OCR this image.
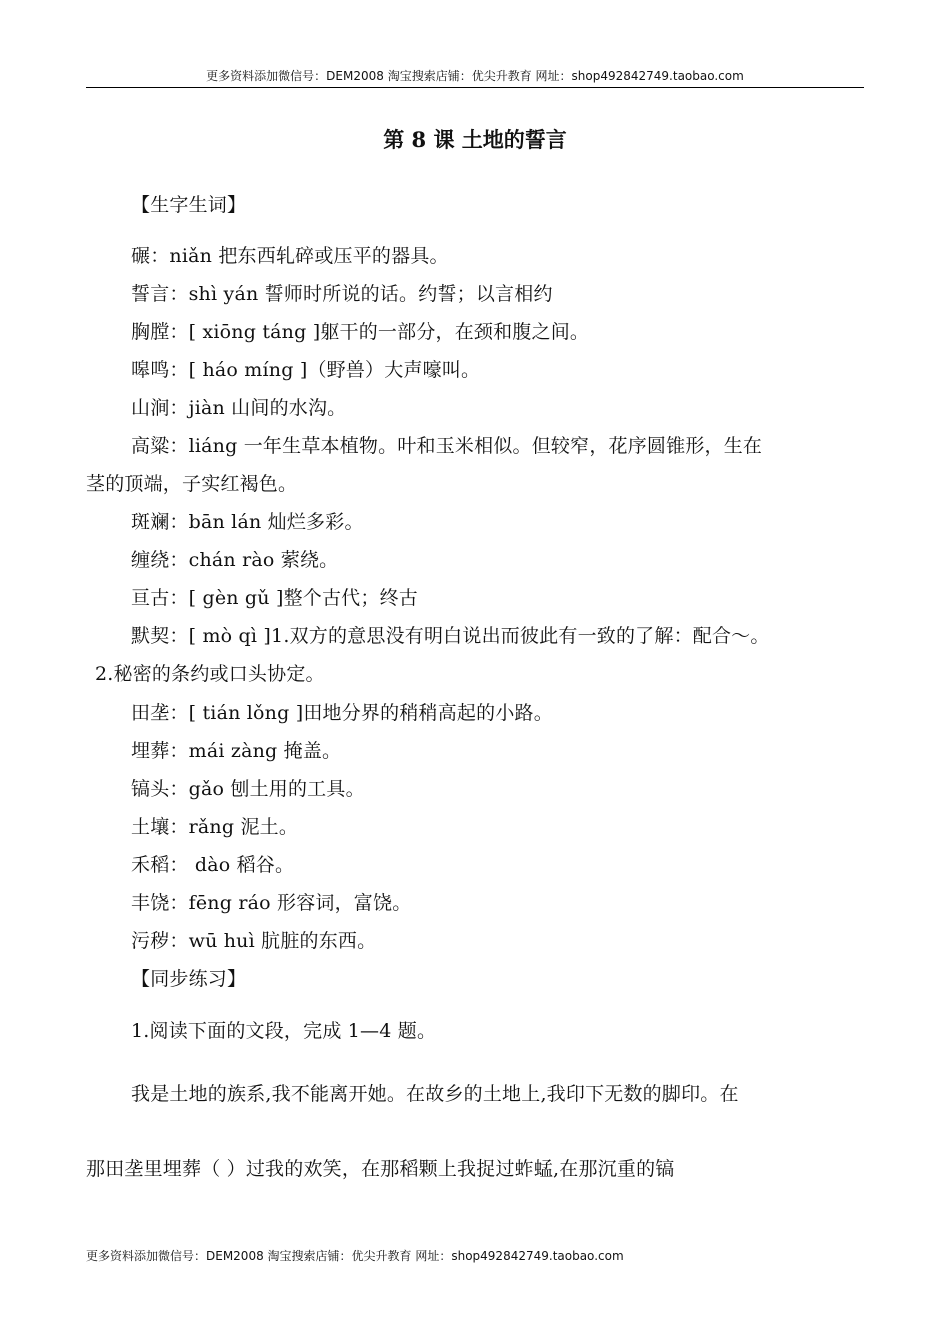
更多资料添加微信号：DEM2008 淘宝搜索店铺：优尖升教育 网址：shop492842749.taobao.com
第 8 课 土地的誓言
【生字生词】
碾：niǎn 把东西轧碎或压平的器具。
誓言：shì yán 誓师时所说的话。约誓；以言相约
胸膛：[ xiōng táng ]躯干的一部分，在颈和腹之间。
嗥鸣：[ háo míng ]（野兽）大声嚎叫。
山涧：jiàn 山间的水沟。
高粱：liáng 一年生草本植物。叶和玉米相似。但较窄，花序圆锥形，生在
茎的顶端，子实红褐色。
斑斓：bān lán 灿烂多彩。
缠绕：chán rào 萦绕。
亘古：[ gèn gǔ ]整个古代；终古
默契：[ mò qì ]1.双方的意思没有明白说出而彼此有一致的了解：配合～。
2.秘密的条约或口头协定。
田垄：[ tián lǒng ]田地分界的稍稍高起的小路。
埋葬：mái zàng 掩盖。
镐头：gǎo 刨土用的工具。
土壤：rǎng 泥土。
禾稻： dào 稻谷。
丰饶：fēng ráo 形容词，富饶。
污秽：wū huì 肮脏的东西。
【同步练习】
1.阅读下面的文段，完成 1—4 题。
我是土地的族系,我不能离开她。在故乡的土地上,我印下无数的脚印。在
那田垄里埋葬（ ）过我的欢笑，在那稻颗上我捉过蚱蜢,在那沉重的镐
更多资料添加微信号：DEM2008 淘宝搜索店铺：优尖升教育 网址：shop492842749.taobao.com
